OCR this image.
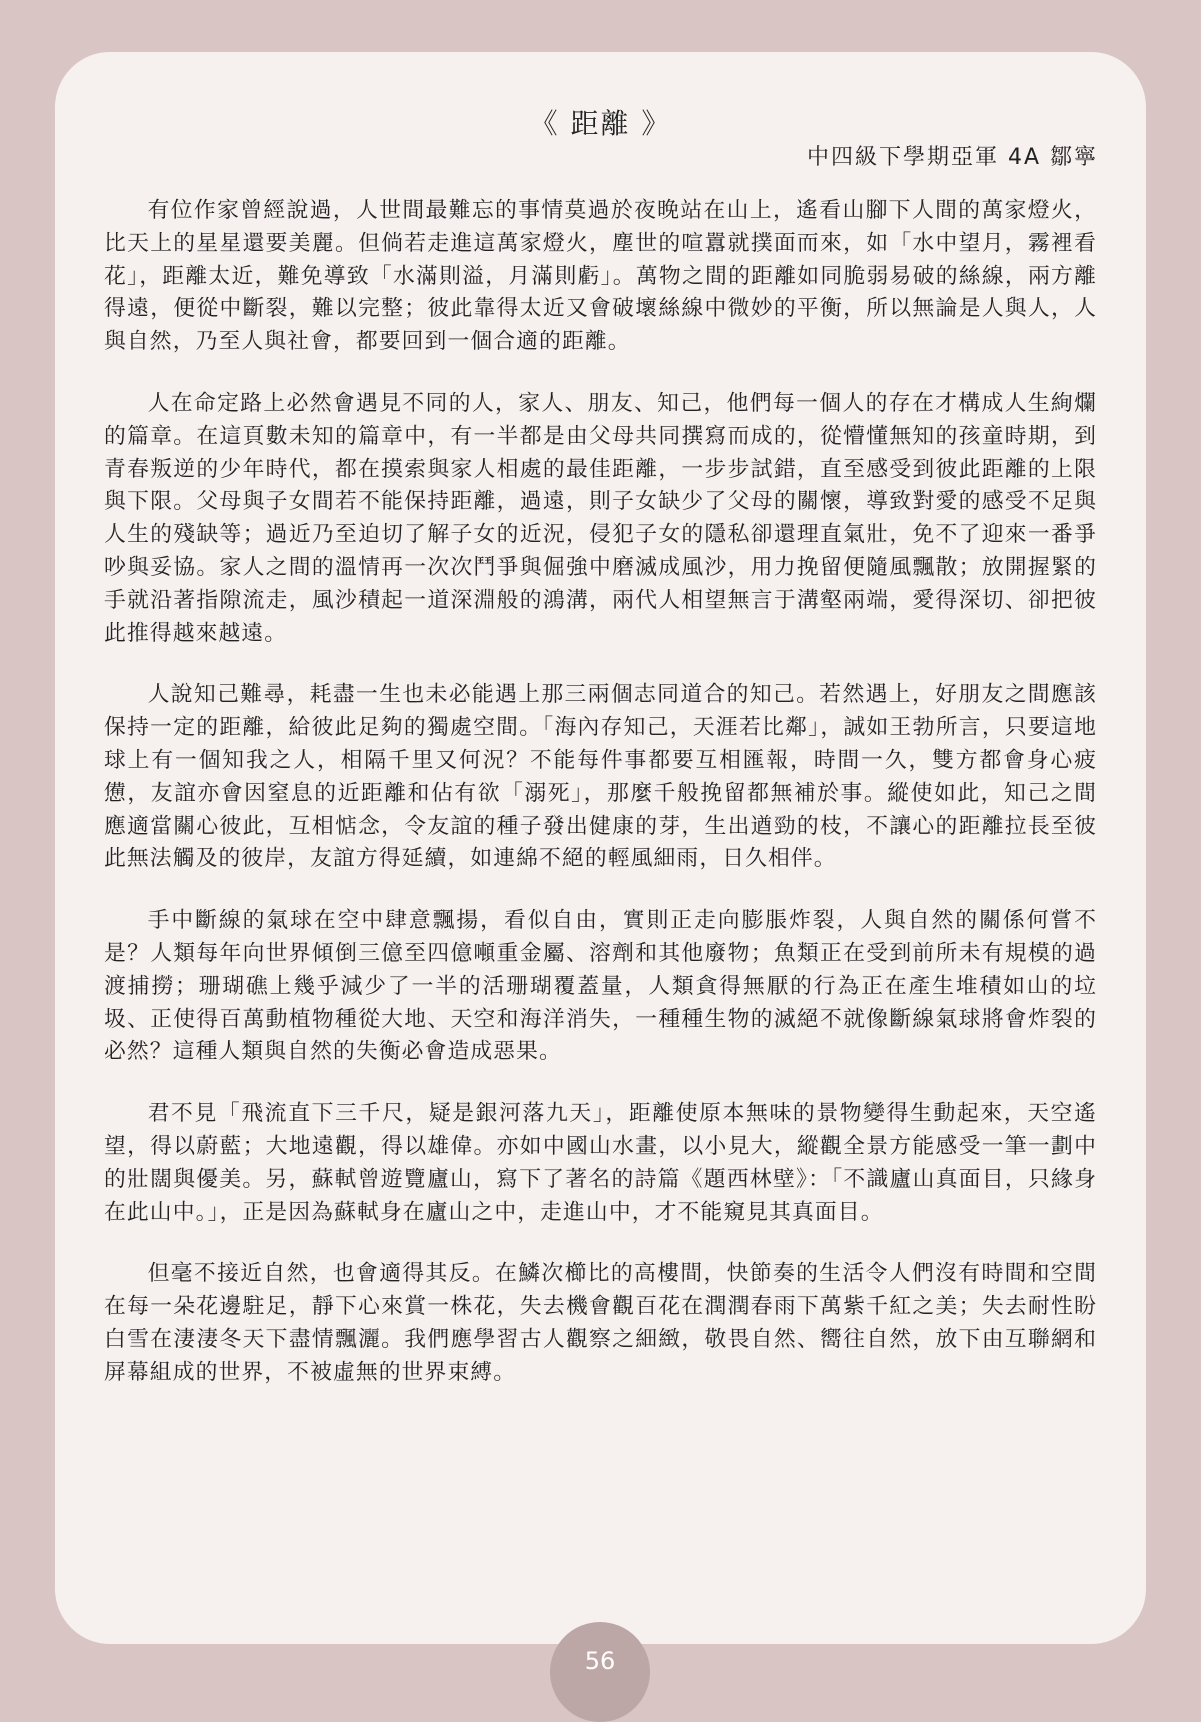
《 距離 》
中四級下學期亞軍 4A 鄒寧

有位作家曾經說過，人世間最難忘的事情莫過於夜晚站在山上，遙看山腳下人間的萬家燈火，比天上的星星還要美麗。但倘若走進這萬家燈火，塵世的喧囂就撲面而來，如「水中望月，霧裡看花」，距離太近，難免導致「水滿則溢，月滿則虧」。萬物之間的距離如同脆弱易破的絲線，兩方離得遠，便從中斷裂，難以完整；彼此靠得太近又會破壞絲線中微妙的平衡，所以無論是人與人，人與自然，乃至人與社會，都要回到一個合適的距離。

人在命定路上必然會遇見不同的人，家人、朋友、知己，他們每一個人的存在才構成人生絢爛的篇章。在這頁數未知的篇章中，有一半都是由父母共同撰寫而成的，從懵懂無知的孩童時期，到青春叛逆的少年時代，都在摸索與家人相處的最佳距離，一步步試錯，直至感受到彼此距離的上限與下限。父母與子女間若不能保持距離，過遠，則子女缺少了父母的關懷，導致對愛的感受不足與人生的殘缺等；過近乃至迫切了解子女的近況，侵犯子女的隱私卻還理直氣壯，免不了迎來一番爭吵與妥協。家人之間的溫情再一次次鬥爭與倔強中磨滅成風沙，用力挽留便隨風飄散；放開握緊的手就沿著指隙流走，風沙積起一道深淵般的鴻溝，兩代人相望無言于溝壑兩端，愛得深切、卻把彼此推得越來越遠。

人說知己難尋，耗盡一生也未必能遇上那三兩個志同道合的知己。若然遇上，好朋友之間應該保持一定的距離，給彼此足夠的獨處空間。「海內存知己，天涯若比鄰」，誠如王勃所言，只要這地球上有一個知我之人，相隔千里又何況？不能每件事都要互相匯報，時間一久，雙方都會身心疲憊，友誼亦會因窒息的近距離和佔有欲「溺死」，那麼千般挽留都無補於事。縱使如此，知己之間應適當關心彼此，互相惦念，令友誼的種子發出健康的芽，生出遒勁的枝，不讓心的距離拉長至彼此無法觸及的彼岸，友誼方得延續，如連綿不絕的輕風細雨，日久相伴。

手中斷線的氣球在空中肆意飄揚，看似自由，實則正走向膨脹炸裂，人與自然的關係何嘗不是？人類每年向世界傾倒三億至四億噸重金屬、溶劑和其他廢物；魚類正在受到前所未有規模的過渡捕撈；珊瑚礁上幾乎減少了一半的活珊瑚覆蓋量，人類貪得無厭的行為正在產生堆積如山的垃圾、正使得百萬動植物種從大地、天空和海洋消失，一種種生物的滅絕不就像斷線氣球將會炸裂的必然？這種人類與自然的失衡必會造成惡果。

君不見「飛流直下三千尺，疑是銀河落九天」，距離使原本無味的景物變得生動起來，天空遙望，得以蔚藍；大地遠觀，得以雄偉。亦如中國山水畫，以小見大，縱觀全景方能感受一筆一劃中的壯闊與優美。另，蘇軾曾遊覽廬山，寫下了著名的詩篇《題西林壁》：「不識廬山真面目，只緣身在此山中。」，正是因為蘇軾身在廬山之中，走進山中，才不能窺見其真面目。

但毫不接近自然，也會適得其反。在鱗次櫛比的高樓間，快節奏的生活令人們沒有時間和空間在每一朵花邊駐足，靜下心來賞一株花，失去機會觀百花在潤潤春雨下萬紫千紅之美；失去耐性盼白雪在淒淒冬天下盡情飄灑。我們應學習古人觀察之細緻，敬畏自然、嚮往自然，放下由互聯網和屏幕組成的世界，不被虛無的世界束縛。

56
